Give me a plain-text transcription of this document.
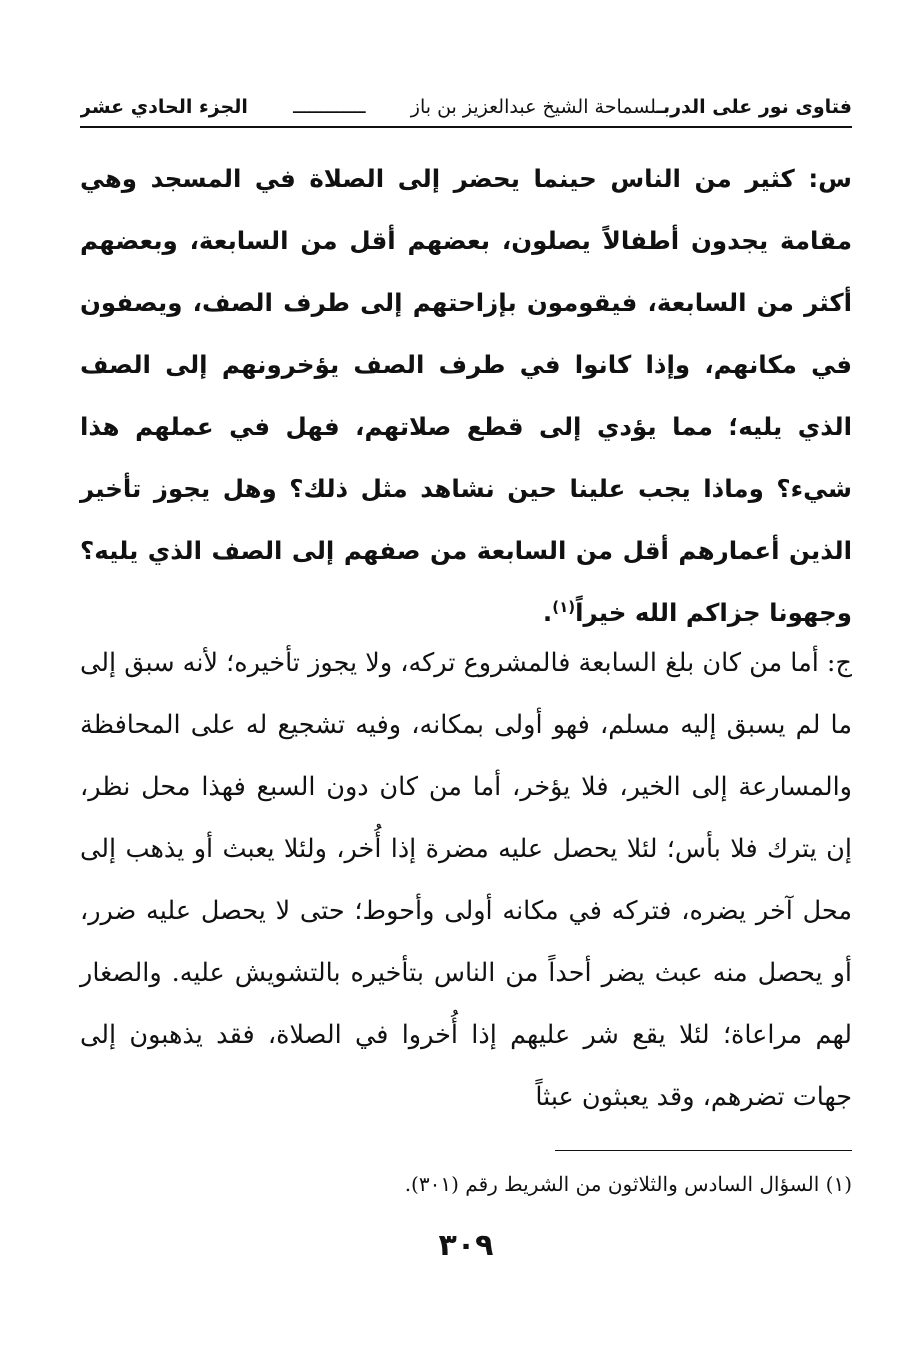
فتاوى نور على الدربـلسماحة الشيخ عبدالعزيز بن باز
ـــــــــــــ
الجزء الحادي عشر
س: كثير من الناس حينما يحضر إلى الصلاة في المسجد وهي مقامة يجدون أطفالاً يصلون، بعضهم أقل من السابعة، وبعضهم أكثر من السابعة، فيقومون بإزاحتهم إلى طرف الصف، ويصفون في مكانهم، وإذا كانوا في طرف الصف يؤخرونهم إلى الصف الذي يليه؛ مما يؤدي إلى قطع صلاتهم، فهل في عملهم هذا شيء؟ وماذا يجب علينا حين نشاهد مثل ذلك؟ وهل يجوز تأخير الذين أعمارهم أقل من السابعة من صفهم إلى الصف الذي يليه؟ وجهونا جزاكم الله خيراً$^{(١)}$.
ج: أما من كان بلغ السابعة فالمشروع تركه، ولا يجوز تأخيره؛ لأنه سبق إلى ما لم يسبق إليه مسلم، فهو أولى بمكانه، وفيه تشجيع له على المحافظة والمسارعة إلى الخير، فلا يؤخر، أما من كان دون السبع فهذا محل نظر، إن يترك فلا بأس؛ لئلا يحصل عليه مضرة إذا أُخر، ولئلا يعبث أو يذهب إلى محل آخر يضره، فتركه في مكانه أولى وأحوط؛ حتى لا يحصل عليه ضرر، أو يحصل منه عبث يضر أحداً من الناس بتأخيره بالتشويش عليه. والصغار لهم مراعاة؛ لئلا يقع شر عليهم إذا أُخروا في الصلاة، فقد يذهبون إلى جهات تضرهم، وقد يعبثون عبثاً
(١) السؤال السادس والثلاثون من الشريط رقم (٣٠١).
٣٠٩
